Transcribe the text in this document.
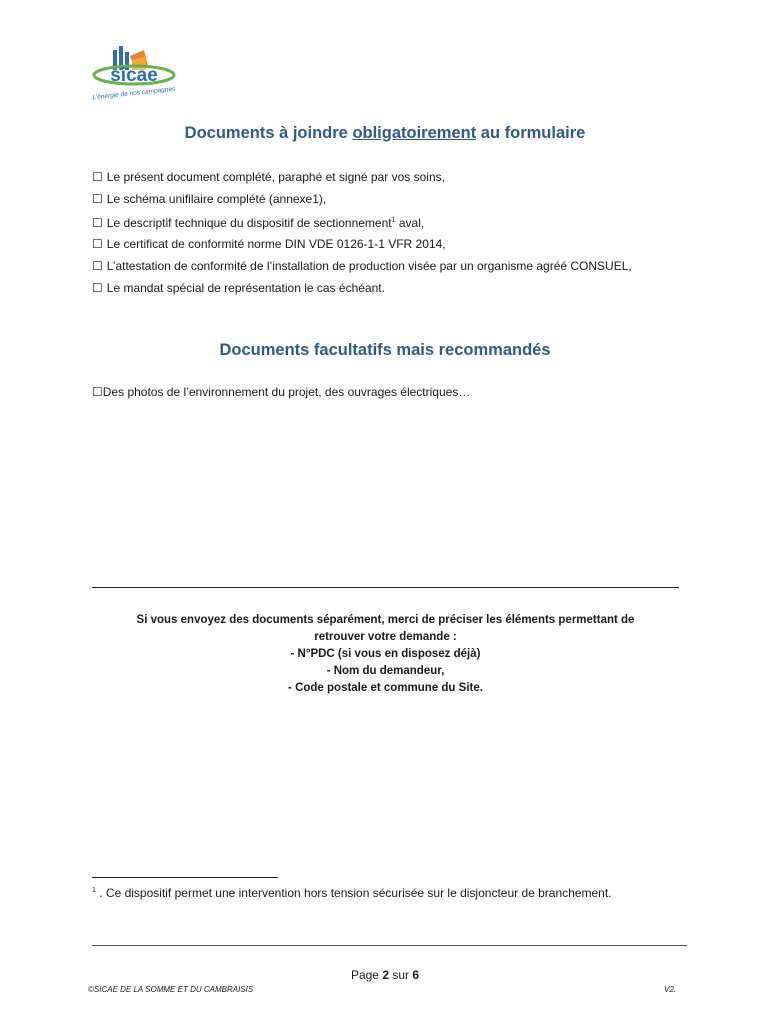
sicae
L'énergie de nos campagnes
Documents à joindre obligatoirement au formulaire
☐ Le présent document complété, paraphé et signé par vos soins,
☐ Le schéma unifilaire complété (annexe1),
☐ Le descriptif technique du dispositif de sectionnement$^1$ aval,
☐ Le certificat de conformité norme DIN VDE 0126-1-1 VFR 2014,
☐ L’attestation de conformité de l’installation de production visée par un organisme agréé CONSUEL,
☐ Le mandat spécial de représentation le cas échéant.
Documents facultatifs mais recommandés
☐Des photos de l’environnement du projet, des ouvrages électriques…
Si vous envoyez des documents séparément, merci de préciser les éléments permettant de
retrouver votre demande :
- N°PDC (si vous en disposez déjà)
- Nom du demandeur,
- Code postale et commune du Site.
$^1$ . Ce dispositif permet une intervention hors tension sécurisée sur le disjoncteur de branchement.
Page 2 sur 6
©SICAE DE LA SOMME ET DU CAMBRAISIS	V2.
